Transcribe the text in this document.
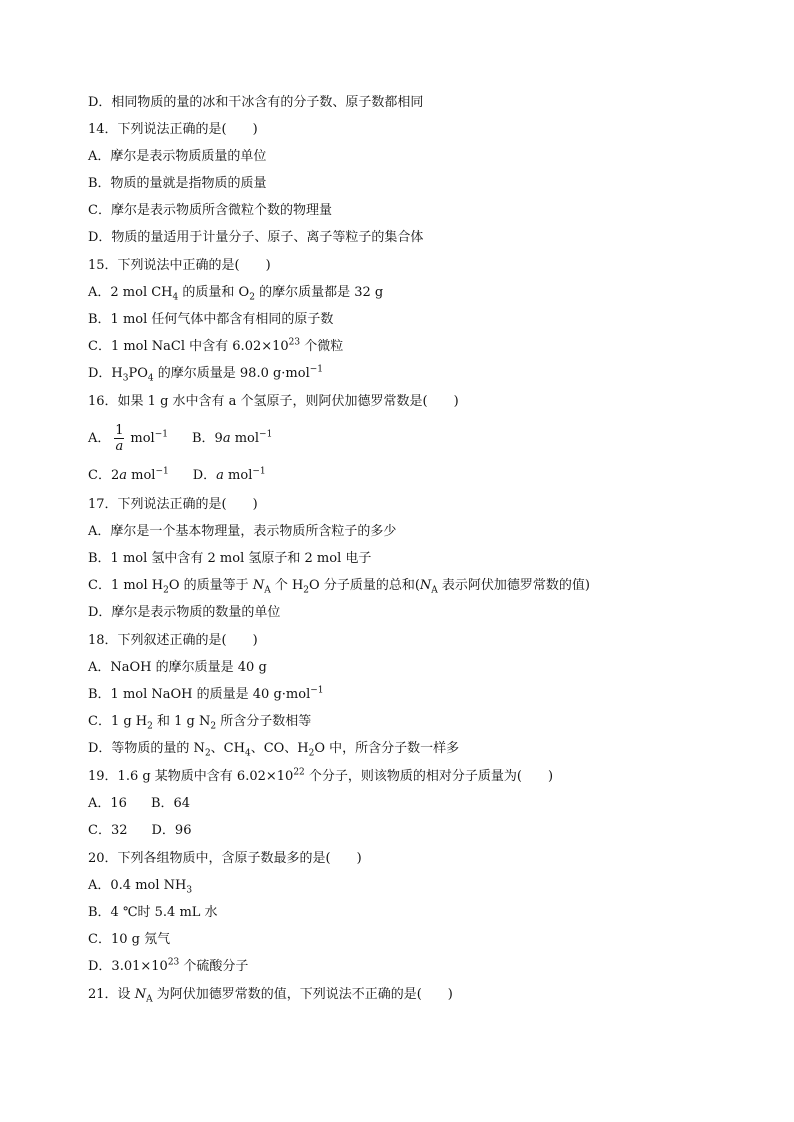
D．相同物质的量的冰和干冰含有的分子数、原子数都相同
14．下列说法正确的是(　　)
A．摩尔是表示物质质量的单位
B．物质的量就是指物质的质量
C．摩尔是表示物质所含微粒个数的物理量
D．物质的量适用于计量分子、原子、离子等粒子的集合体
15．下列说法中正确的是(　　)
A．2 mol $CH_4$ 的质量和 $O_2$ 的摩尔质量都是 32 g
B．1 mol 任何气体中都含有相同的原子数
C．1 mol NaCl 中含有 $6.02\times 10^{23}$ 个微粒
D．$H_3PO_4$ 的摩尔质量是 98.0 g·mol$^{-1}$
16．如果 1 g 水中含有 a 个氢原子，则阿伏加德罗常数是(　　)
A． $\frac{1}{a} mol^{-1}$ B．9a mol$^{-1}$
C．2a mol$^{-1}$ D．a mol$^{-1}$
17．下列说法正确的是(　　)
A．摩尔是一个基本物理量，表示物质所含粒子的多少
B．1 mol 氢中含有 2 mol 氢原子和 2 mol 电子
C．1 mol $H_2O$ 的质量等于 $N_A$ 个 $H_2O$ 分子质量的总和($N_A$ 表示阿伏加德罗常数的值)
D．摩尔是表示物质的数量的单位
18．下列叙述正确的是(　　)
A．NaOH 的摩尔质量是 40 g
B．1 mol NaOH 的质量是 40 g·mol$^{-1}$
C．1 g $H_2$ 和 1 g $N_2$ 所含分子数相等
D．等物质的量的 $N_2$、$CH_4$、CO、$H_2O$ 中，所含分子数一样多
19．1.6 g 某物质中含有 $6.02\times 10^{22}$ 个分子，则该物质的相对分子质量为(　　)
A．16 B．64
C．32 D．96
20．下列各组物质中，含原子数最多的是(　　)
A．0.4 mol $NH_3$
B．4 ℃时 5.4 mL 水
C．10 g 氖气
D．$3.01\times 10^{23}$ 个硫酸分子
21．设 $N_A$ 为阿伏加德罗常数的值，下列说法不正确的是(　　)
